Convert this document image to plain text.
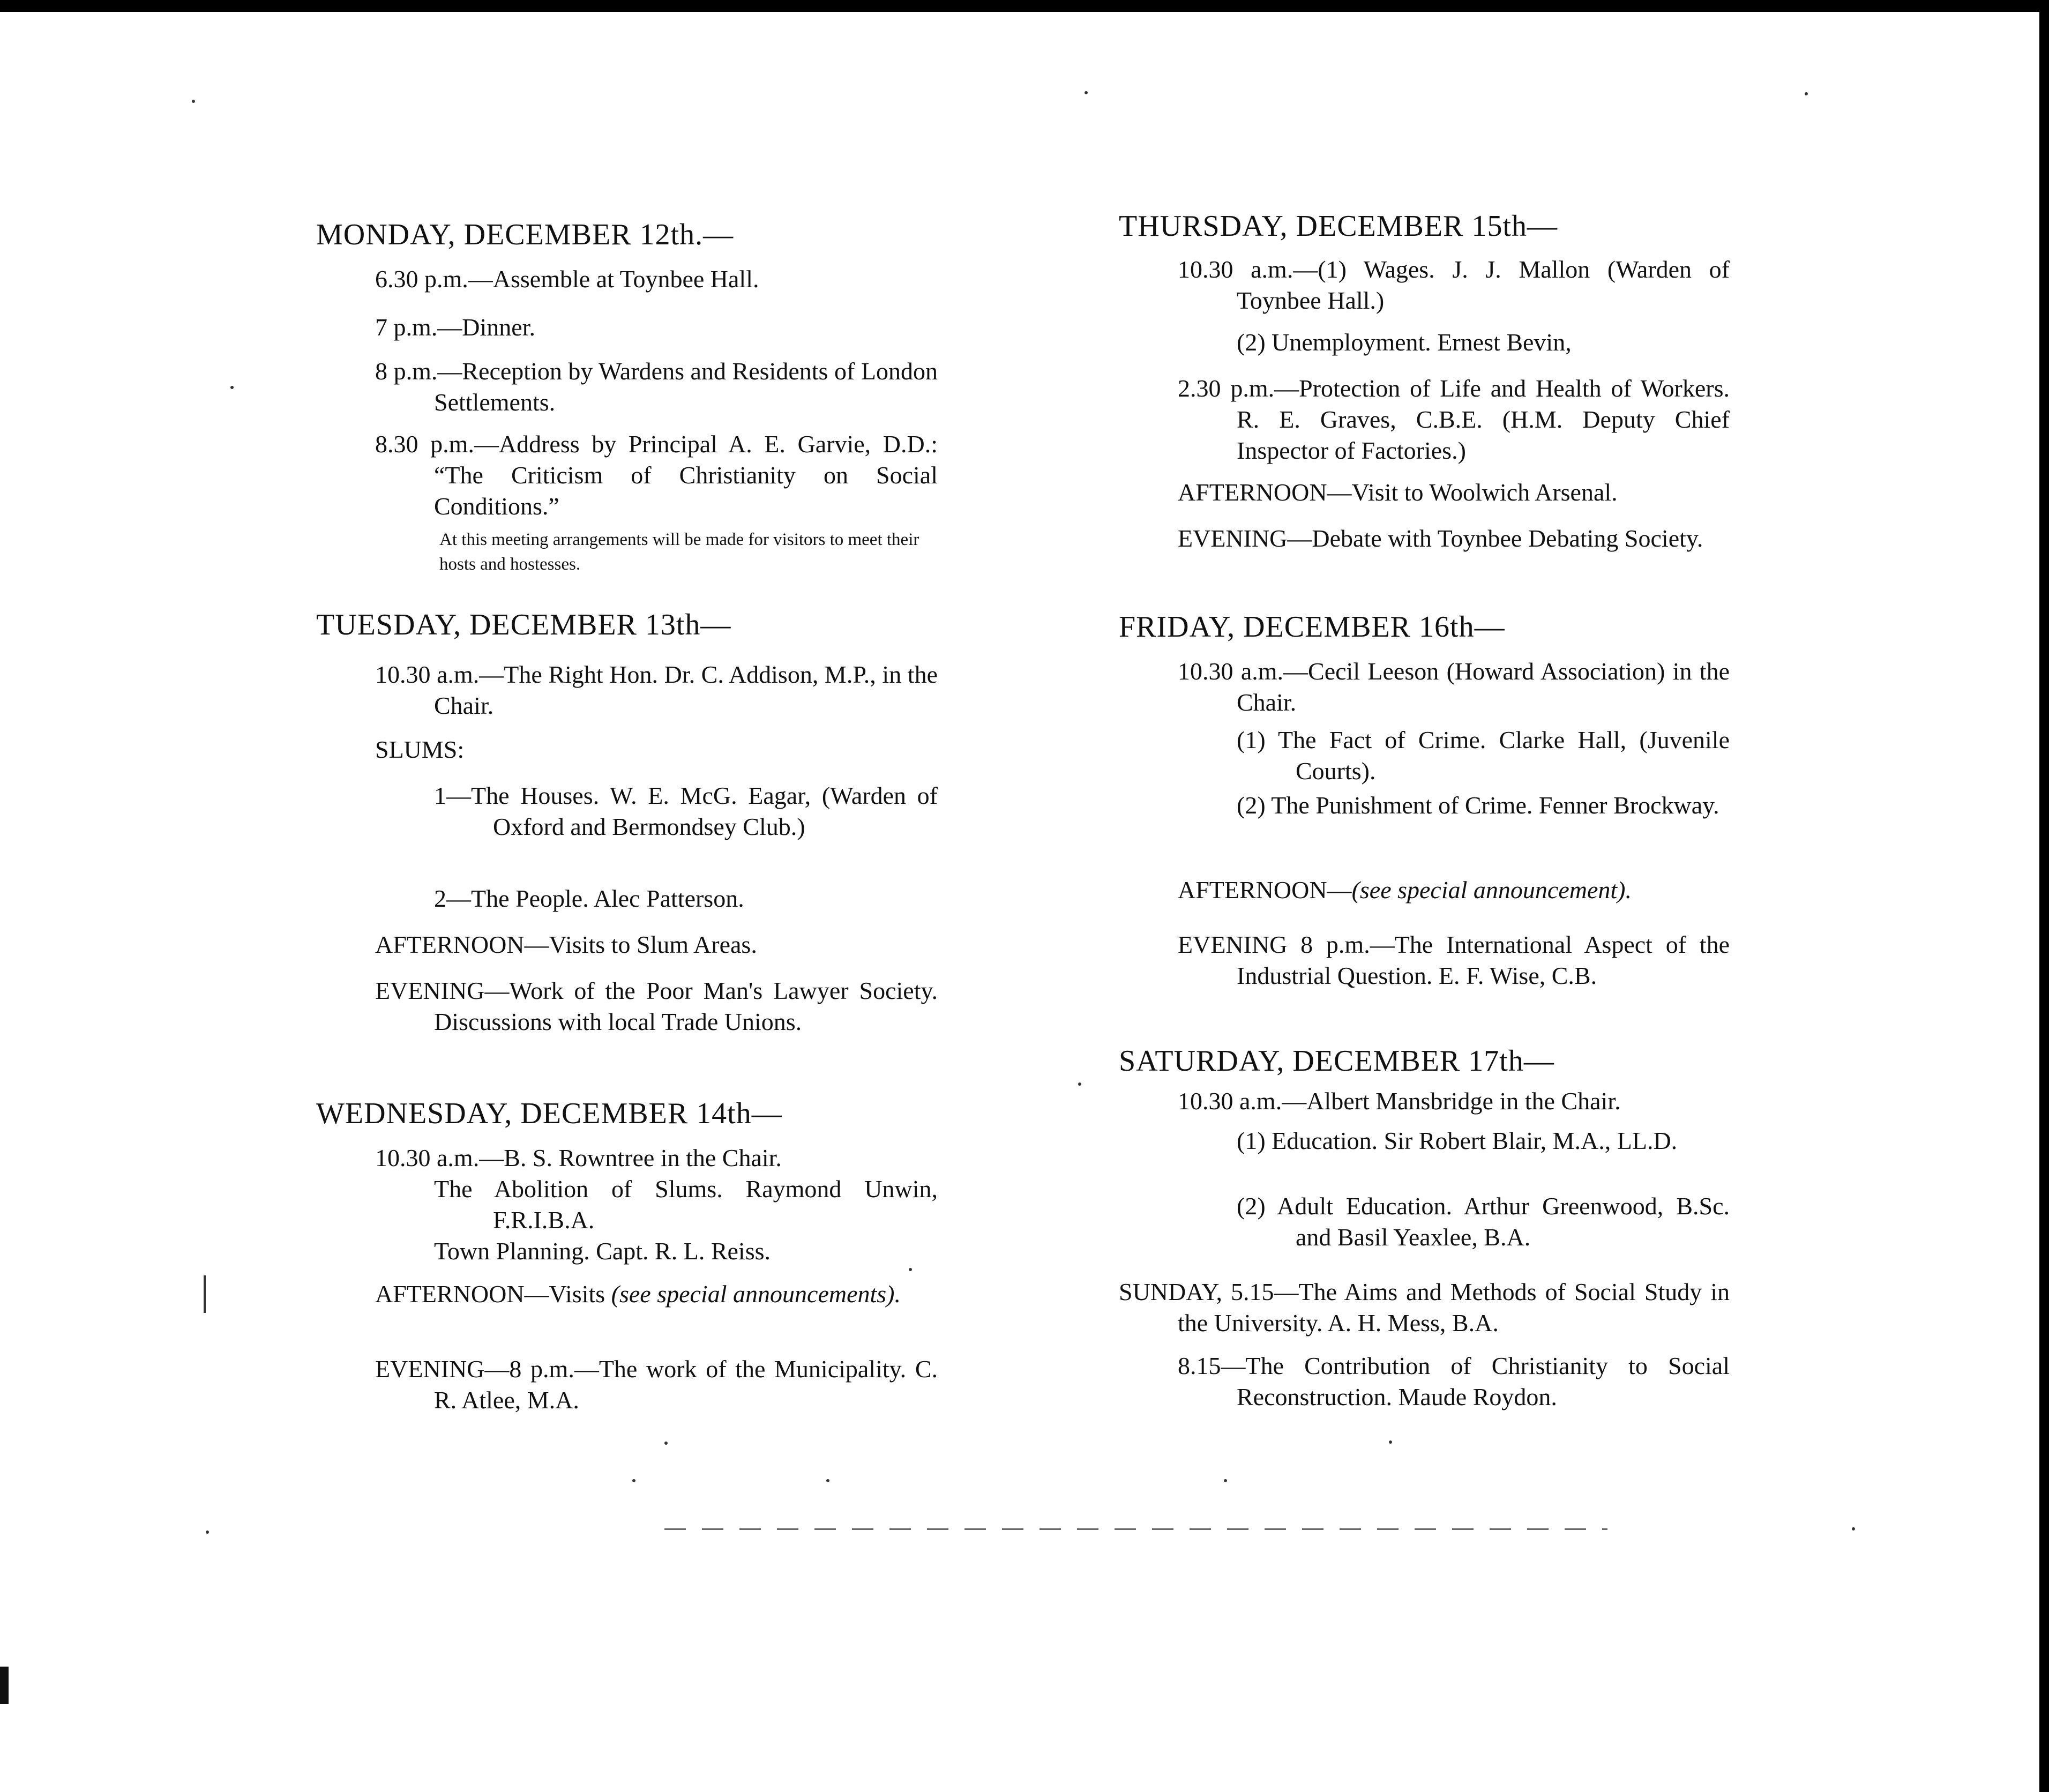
MONDAY, DECEMBER 12th.—
6.30 p.m.—Assemble at Toynbee Hall.
7 p.m.—Dinner.
8 p.m.—Reception by Wardens and Residents of London Settlements.
8.30 p.m.—Address by Principal A. E. Garvie, D.D.: “The Criticism of Christianity on Social Conditions.”
At this meeting arrangements will be made for visitors to meet their hosts and hostesses.
TUESDAY, DECEMBER 13th—
10.30 a.m.—The Right Hon. Dr. C. Addison, M.P., in the Chair.
SLUMS:
1—The Houses. W. E. McG. Eagar, (Warden of Oxford and Bermondsey Club.)
2—The People. Alec Patterson.
AFTERNOON—Visits to Slum Areas.
EVENING—Work of the Poor Man's Lawyer Society. Discussions with local Trade Unions.
WEDNESDAY, DECEMBER 14th—
10.30 a.m.—B. S. Rowntree in the Chair.
The Abolition of Slums. Raymond Unwin, F.R.I.B.A.
Town Planning. Capt. R. L. Reiss.
AFTERNOON—Visits (see special announcements).
EVENING—8 p.m.—The work of the Municipality. C. R. Atlee, M.A.
THURSDAY, DECEMBER 15th—
10.30 a.m.—(1) Wages. J. J. Mallon (Warden of Toynbee Hall.)
(2) Unemployment. Ernest Bevin,
2.30 p.m.—Protection of Life and Health of Workers. R. E. Graves, C.B.E. (H.M. Deputy Chief Inspector of Factories.)
AFTERNOON—Visit to Woolwich Arsenal.
EVENING—Debate with Toynbee Debating Society.
FRIDAY, DECEMBER 16th—
10.30 a.m.—Cecil Leeson (Howard Association) in the Chair.
(1) The Fact of Crime. Clarke Hall, (Juvenile Courts).
(2) The Punishment of Crime. Fenner Brockway.
AFTERNOON—(see special announcement).
EVENING 8 p.m.—The International Aspect of the Industrial Question. E. F. Wise, C.B.
SATURDAY, DECEMBER 17th—
10.30 a.m.—Albert Mansbridge in the Chair.
(1) Education. Sir Robert Blair, M.A., LL.D.
(2) Adult Education. Arthur Greenwood, B.Sc. and Basil Yeaxlee, B.A.
SUNDAY, 5.15—The Aims and Methods of Social Study in the University. A. H. Mess, B.A.
8.15—The Contribution of Christianity to Social Reconstruction. Maude Roydon.
